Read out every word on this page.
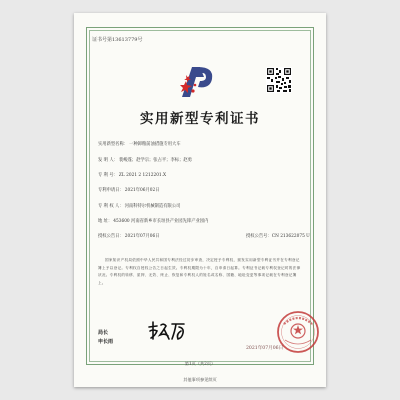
证书号第13613779号
实用新型专利证书
实用新型名称：一种卸粮前油措施专用大车
发 明 人：裴峻蓬；赵学宗；张占平；李标；赵勇
专 利 号：ZL 2021 2 1212201.X
专利申请日：2021年06月02日
专 利 权 人：河南科特尔机械制造有限公司
地 址：453600 河南省新乡市长垣县产业园先锋产业园内
授权公告日：2021年07月06日	授权公告号：CN 213622075 U
国家知识产权局依照中华人民共和国专利法经过初步审查，决定授予专利权，颁发实用新型专利证书并在专利登记簿上予以登记。专利权自授权公告之日起生效。专利权期限为十年，自申请日起算。专利证书记载专利权登记时的法律状况。专利权的转移、质押、无效、终止、恢复和专利权人的姓名或名称、国籍、地址变更等事项记载在专利登记簿上。
局长
申长雨
2021年07月06日
第1页（共2页）
其他事项参见续页
